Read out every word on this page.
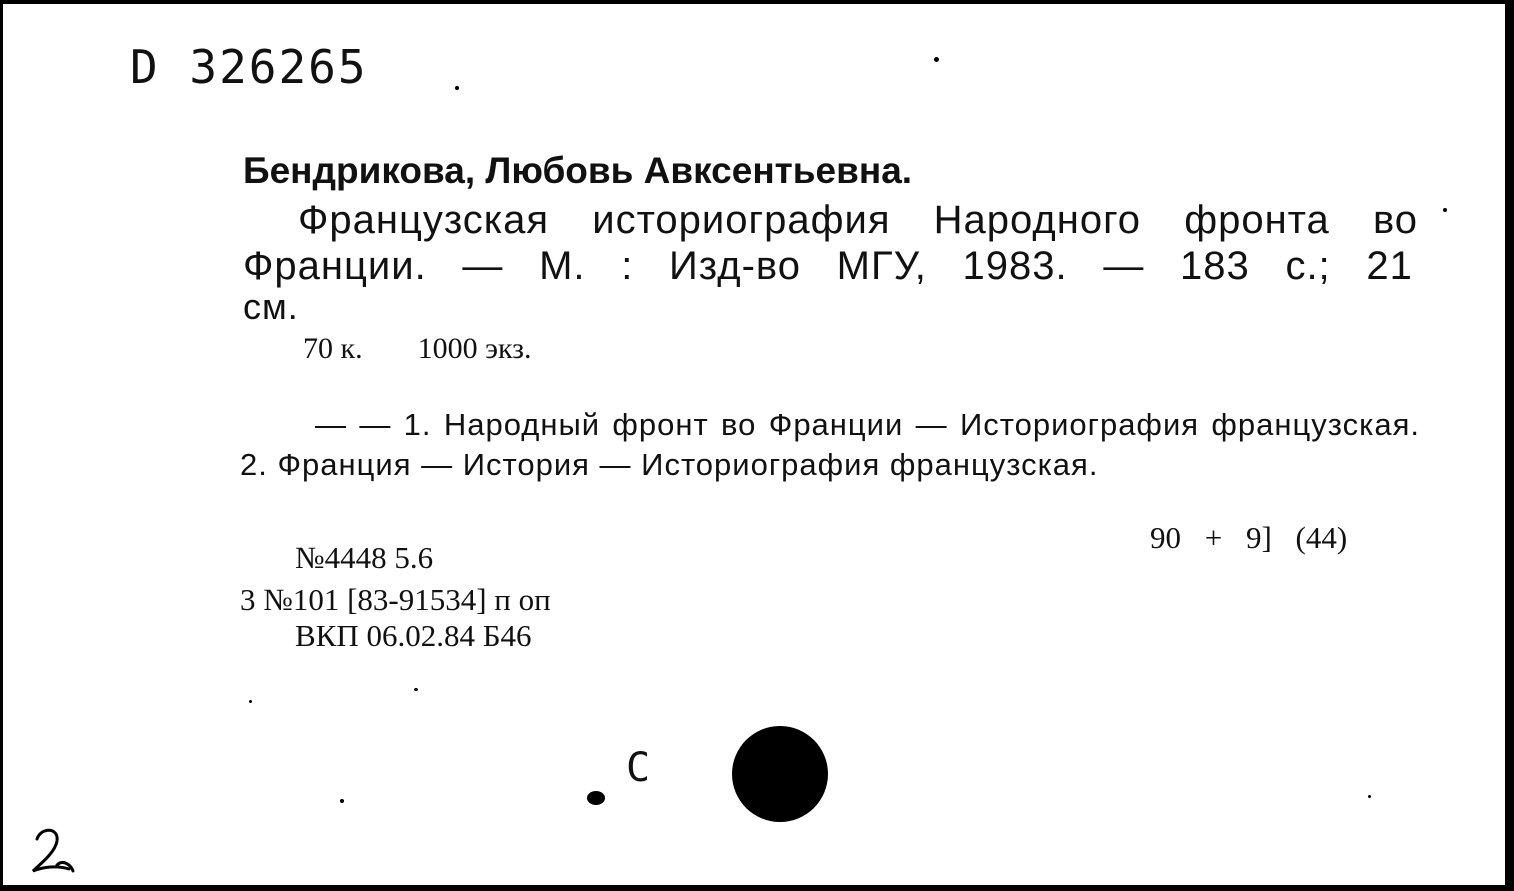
D 326265
Бендрикова, Любовь Авксентьевна.
Французская историография Народного фронта во
Франции. — М. : Изд-во МГУ, 1983. — 183 с.; 21
см.
70 к. 1000 экз.
— — 1. Народный фронт во Франции — Историография французская. 2. Франция — История — Историография французская.
90 + 9] (44)
№4448 5.6
3 №101 [83-91534] п оп
ВКП 06.02.84 Б46
С
